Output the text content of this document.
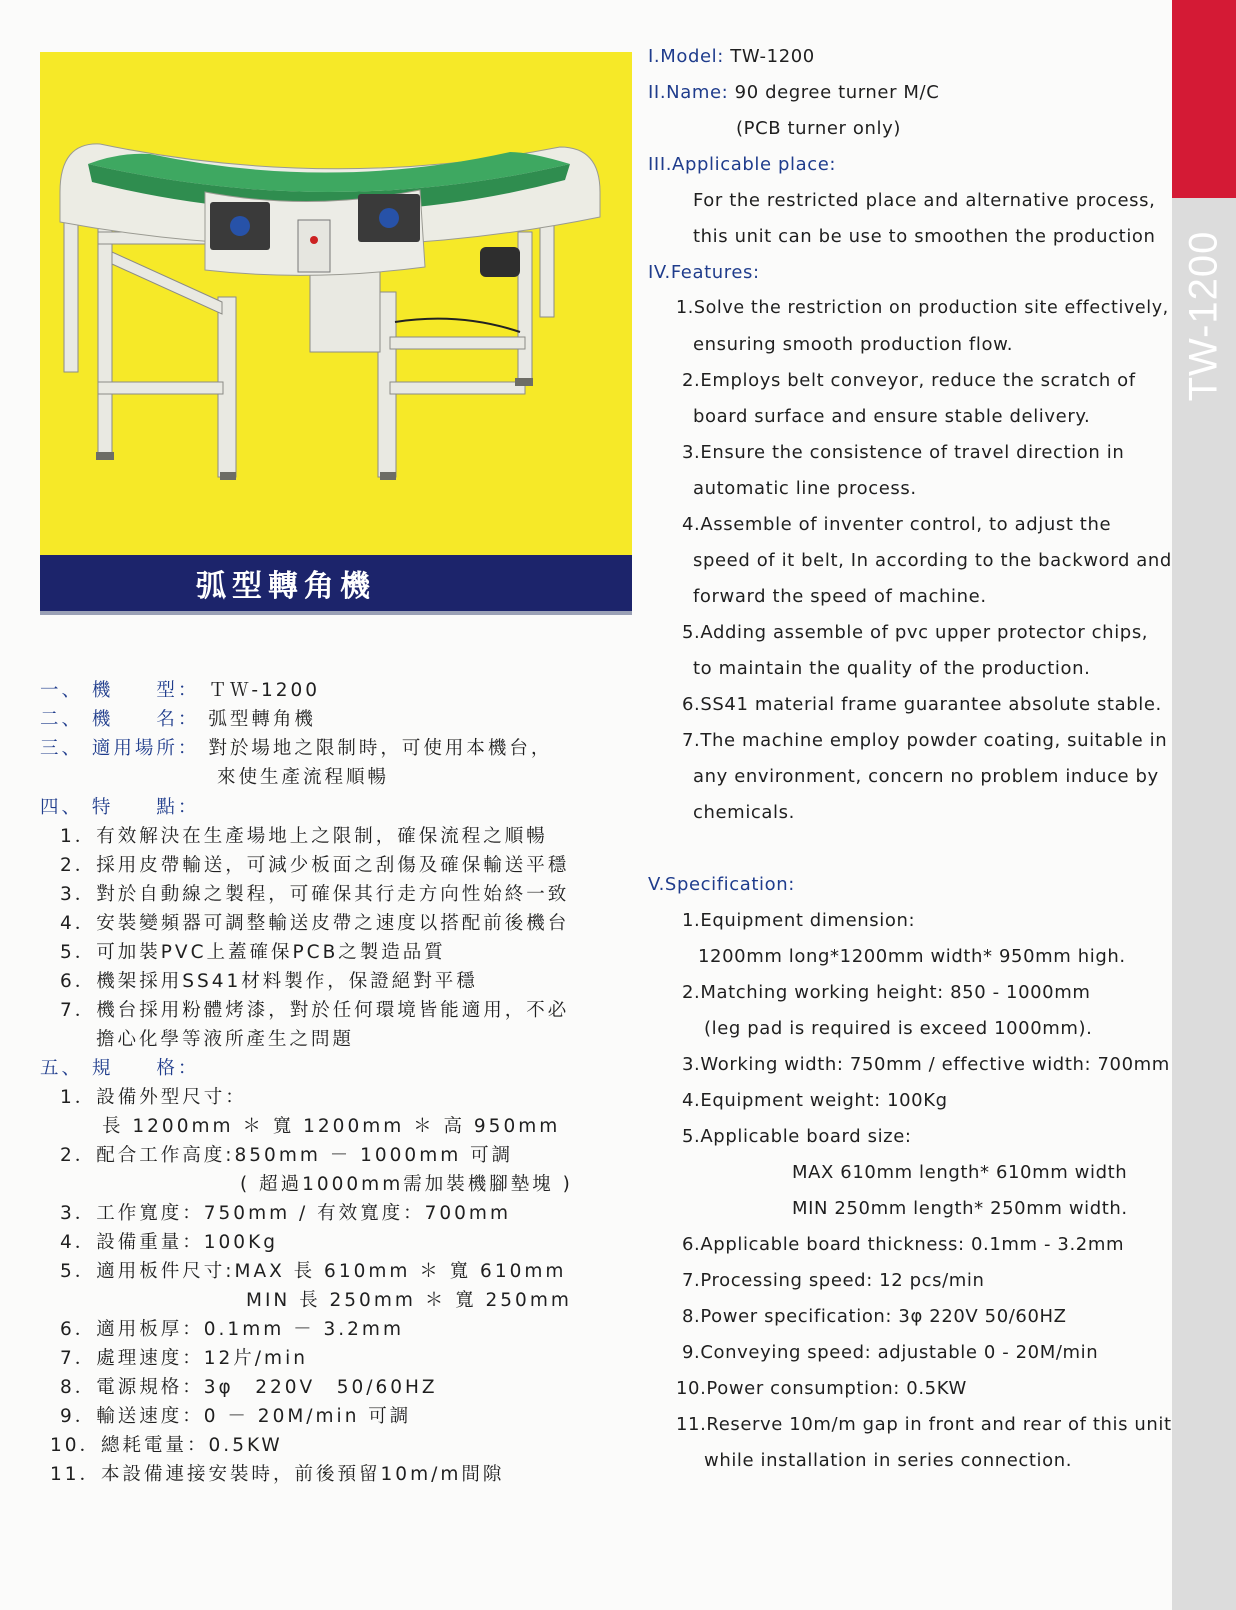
TW-1200
弧型轉角機
一、 機　　型： ＴＷ-1200
二、 機　　名： 弧型轉角機
三、 適用場所： 對於場地之限制時，可使用本機台，
來使生產流程順暢
四、 特　　點：
1．有效解決在生產場地上之限制，確保流程之順暢
2．採用皮帶輸送，可減少板面之刮傷及確保輸送平穩
3．對於自動線之製程，可確保其行走方向性始終一致
4．安裝變頻器可調整輸送皮帶之速度以搭配前後機台
5．可加裝PVC上蓋確保PCB之製造品質
6．機架採用SS41材料製作，保證絕對平穩
7．機台採用粉體烤漆，對於任何環境皆能適用，不必
擔心化學等液所產生之問題
五、 規　　格：
1．設備外型尺寸：
長 1200mm ＊ 寬 1200mm ＊ 高 950mm
2．配合工作高度:850mm － 1000mm 可調
( 超過1000mm需加裝機腳墊塊 )
3．工作寬度：750mm / 有效寬度：700mm
4．設備重量：100Kg
5．適用板件尺寸:MAX 長 610mm ＊ 寬 610mm
MIN 長 250mm ＊ 寬 250mm
6．適用板厚：0.1mm － 3.2mm
7．處理速度：12片/min
8．電源規格：3φ　220V　50/60HZ
9．輸送速度：0 － 20M/min 可調
10．總耗電量：0.5KW
11．本設備連接安裝時，前後預留10m/m間隙
I.Model: TW-1200
II.Name: 90 degree turner M/C
(PCB turner only)
III.Applicable place:
For the restricted place and alternative process,
this unit can be use to smoothen the production
IV.Features:
1.Solve the restriction on production site effectively,
ensuring smooth production flow.
2.Employs belt conveyor, reduce the scratch of
board surface and ensure stable delivery.
3.Ensure the consistence of travel direction in
automatic line process.
4.Assemble of inventer control, to adjust the
speed of it belt, In according to the backword and
forward the speed of machine.
5.Adding assemble of pvc upper protector chips,
to maintain the quality of the production.
6.SS41 material frame guarantee absolute stable.
7.The machine employ powder coating, suitable in
any environment, concern no problem induce by
chemicals.
V.Specification:
1.Equipment dimension:
1200mm long*1200mm width* 950mm high.
2.Matching working height: 850 - 1000mm
(leg pad is required is exceed 1000mm).
3.Working width: 750mm / effective width: 700mm
4.Equipment weight: 100Kg
5.Applicable board size:
MAX 610mm length* 610mm width
MIN 250mm length* 250mm width.
6.Applicable board thickness: 0.1mm - 3.2mm
7.Processing speed: 12 pcs/min
8.Power specification: 3φ 220V 50/60HZ
9.Conveying speed: adjustable 0 - 20M/min
10.Power consumption: 0.5KW
11.Reserve 10m/m gap in front and rear of this unit
while installation in series connection.
